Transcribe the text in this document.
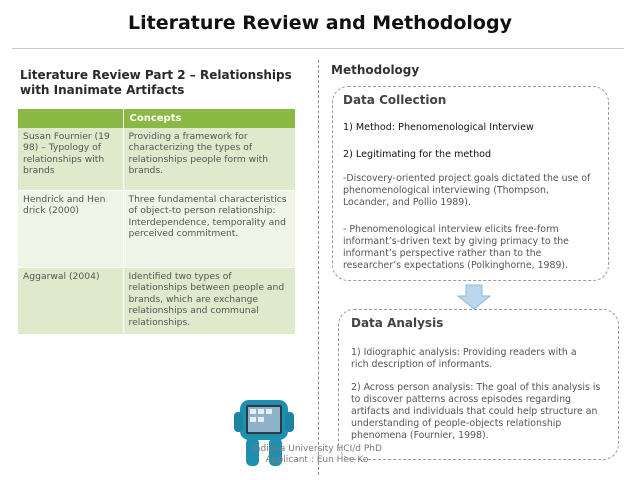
Literature Review and Methodology
Literature Review Part 2 – Relationships with Inanimate Artifacts
	Concepts
Susan Fournier (19 98) – Typology of relationships with brands	Providing a framework for characterizing the types of relationships people form with brands.
Hendrick and Hen drick (2000)	Three fundamental characteristics of object-to person relationship: Interdependence, temporality and perceived commitment.
Aggarwal (2004)	Identified two types of relationships between people and brands, which are exchange relationships and communal relationships.
Methodology
Data Collection
1) Method: Phenomenological Interview
2) Legitimating for the method
-Discovery-oriented project goals dictated the use of phenomenological interviewing (Thompson, Locander, and Pollio 1989).
- Phenomenological interview elicits free-form informant’s-driven text by giving primacy to the informant’s perspective rather than to the researcher’s expectations (Polkinghorne, 1989).
Data Analysis
1) Idiographic analysis: Providing readers with a rich description of informants.
2) Across person analysis: The goal of this analysis is to discover patterns across episodes regarding artifacts and individuals that could help structure an understanding of people-objects relationship phenomena (Fournier, 1998).
Indiana University HCI/d PhD
Applicant : Eun Hee Ko
